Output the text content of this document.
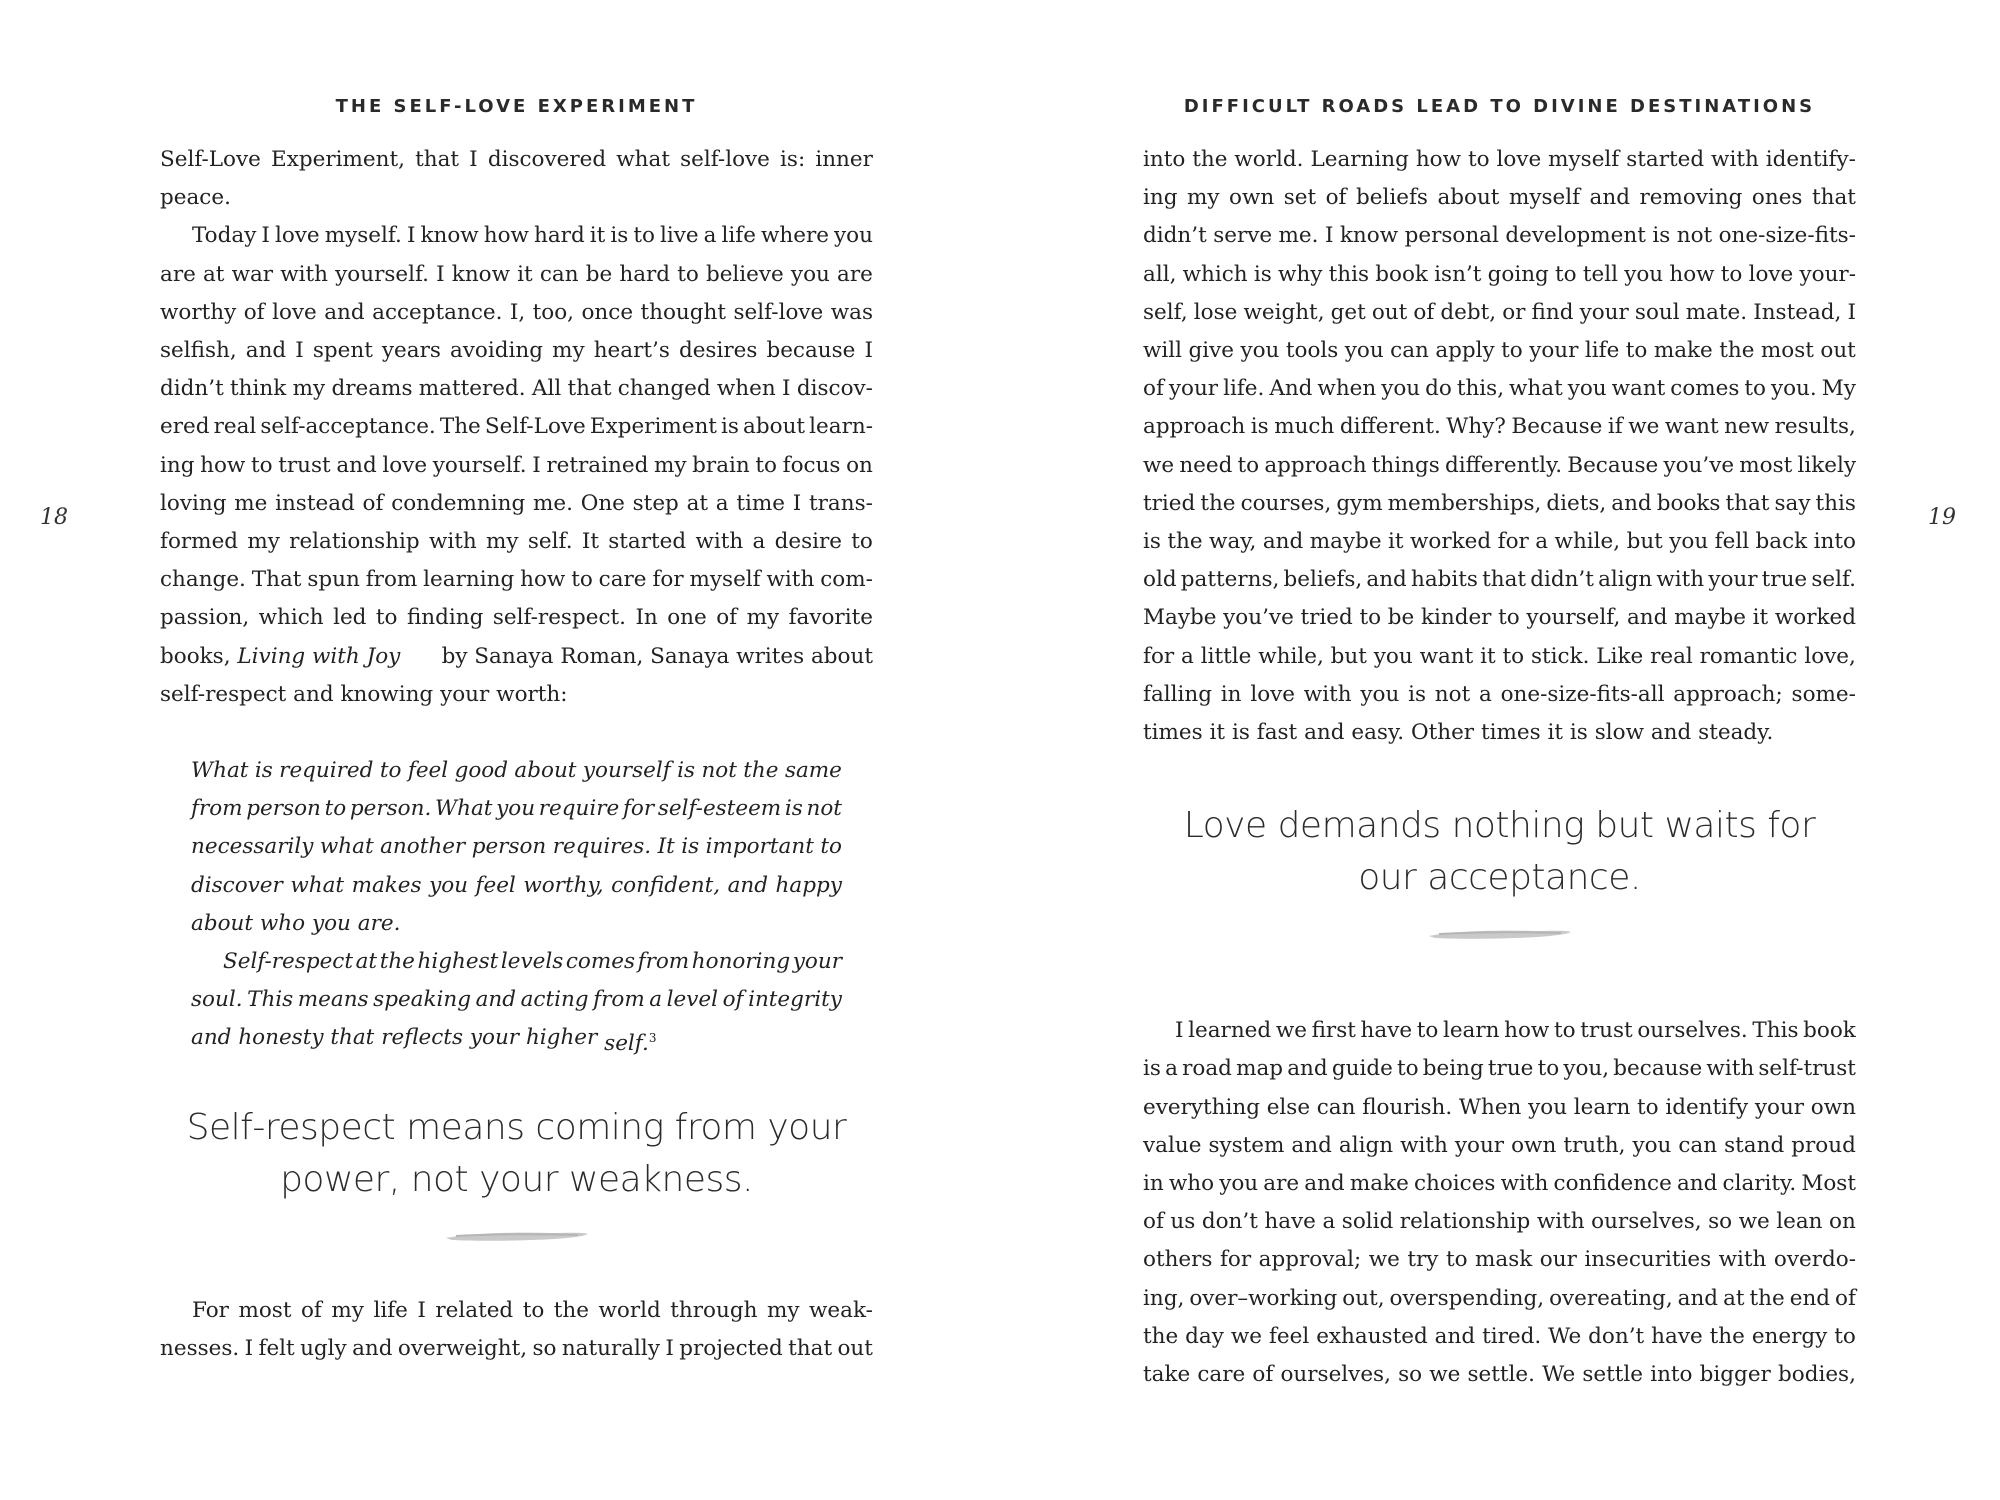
THE SELF-LOVE EXPERIMENT
18
Self-Love Experiment, that I discovered what self-love is: inner
peace.
Today I love myself. I know how hard it is to live a life where you
are at war with yourself. I know it can be hard to believe you are
worthy of love and acceptance. I, too, once thought self-love was
selfish, and I spent years avoiding my heart’s desires because I
didn’t think my dreams mattered. All that changed when I discov-
ered real self-acceptance. The Self-Love Experiment is about learn-
ing how to trust and love yourself. I retrained my brain to focus on
loving me instead of condemning me. One step at a time I trans-
formed my relationship with my self. It started with a desire to
change. That spun from learning how to care for myself with com-
passion, which led to finding self-respect. In one of my favorite
books, Living with Joy by Sanaya Roman, Sanaya writes about
self-respect and knowing your worth:
What is required to feel good about yourself is not the same
from person to person. What you require for self-esteem is not
necessarily what another person requires. It is important to
discover what makes you feel worthy, confident, and happy
about who you are.
Self-respect at the highest levels comes from honoring your
soul. This means speaking and acting from a level of integrity
and honesty that reflects your higher self.$^3$
Self-respect means coming from your
power, not your weakness.
For most of my life I related to the world through my weak-
nesses. I felt ugly and overweight, so naturally I projected that out
DIFFICULT ROADS LEAD TO DIVINE DESTINATIONS
19
into the world. Learning how to love myself started with identify-
ing my own set of beliefs about myself and removing ones that
didn’t serve me. I know personal development is not one-size-fits-
all, which is why this book isn’t going to tell you how to love your-
self, lose weight, get out of debt, or find your soul mate. Instead, I
will give you tools you can apply to your life to make the most out
of your life. And when you do this, what you want comes to you. My
approach is much different. Why? Because if we want new results,
we need to approach things differently. Because you’ve most likely
tried the courses, gym memberships, diets, and books that say this
is the way, and maybe it worked for a while, but you fell back into
old patterns, beliefs, and habits that didn’t align with your true self.
Maybe you’ve tried to be kinder to yourself, and maybe it worked
for a little while, but you want it to stick. Like real romantic love,
falling in love with you is not a one-size-fits-all approach; some-
times it is fast and easy. Other times it is slow and steady.
Love demands nothing but waits for
our acceptance.
I learned we first have to learn how to trust ourselves. This book
is a road map and guide to being true to you, because with self-trust
everything else can flourish. When you learn to identify your own
value system and align with your own truth, you can stand proud
in who you are and make choices with confidence and clarity. Most
of us don’t have a solid relationship with ourselves, so we lean on
others for approval; we try to mask our insecurities with overdo-
ing, over–working out, overspending, overeating, and at the end of
the day we feel exhausted and tired. We don’t have the energy to
take care of ourselves, so we settle. We settle into bigger bodies,
